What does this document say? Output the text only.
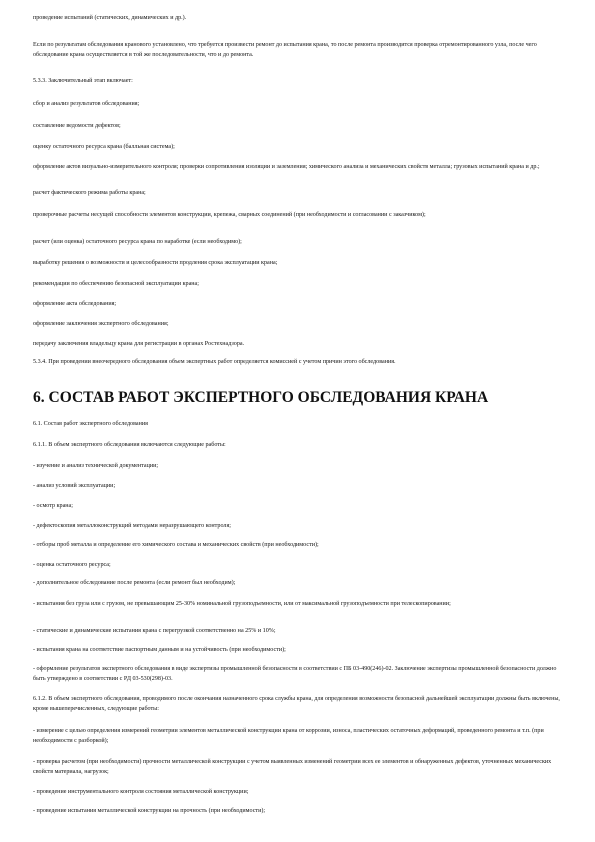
проведение испытаний (статических, динамических и др.).

Если по результатам обследования кранового установлено, что требуется произвести ремонт до испытания крана, то после ремонта производится проверка отремонтированного узла, после чего обследование крана осуществляется в той же последовательности, что и до ремонта.

5.3.3. Заключительный этап включает:

сбор и анализ результатов обследования;

составление ведомости дефектов;

оценку остаточного ресурса крана (балльная система);

оформление актов визуально-измерительного контроля; проверки сопротивления изоляции и заземления; химического анализа и механических свойств металла; грузовых испытаний крана и др.;

расчет фактического режима работы крана;

проверочные расчеты несущей способности элементов конструкции, крепежа, сварных соединений (при необходимости и согласовании с заказчиком);

расчет (или оценка) остаточного ресурса крана по наработке (если необходимо);

выработку решения о возможности и целесообразности продления срока эксплуатации крана;

рекомендации по обеспечению безопасной эксплуатации крана;

оформление акта обследования;

оформление заключения экспертного обследования;

передачу заключения владельцу крана для регистрации в органах Ростехнадзора.

5.3.4. При проведении внеочередного обследования объем экспертных работ определяется комиссией с учетом причин этого обследования.

6. СОСТАВ РАБОТ ЭКСПЕРТНОГО ОБСЛЕДОВАНИЯ КРАНА

6.1. Состав работ экспертного обследования

6.1.1. В объем экспертного обследования включаются следующие работы:

- изучение и анализ технической документации;

- анализ условий эксплуатации;

- осмотр крана;

- дефектоскопия металлоконструкций методами неразрушающего контроля;

- отборы проб металла и определение его химического состава и механических свойств (при необходимости);

- оценка остаточного ресурса;

- дополнительное обследование после ремонта (если ремонт был необходим);

- испытания без груза или с грузом, не превышающим 25-30% номинальной грузоподъемности, или от максимальной грузоподъемности при телескопировании;

- статические и динамические испытания крана с перегрузкой соответственно на 25% и 10%;

- испытания крана на соответствие паспортным данным и на устойчивость (при необходимости);

- оформление результатов экспертного обследования в виде экспертизы промышленной безопасности в соответствии с ПБ 03-490(246)-02. Заключение экспертизы промышленной безопасности должно быть утверждено в соответствии с РД 03-530(298)-03.

6.1.2. В объем экспертного обследования, проводимого после окончания назначенного срока службы крана, для определения возможности безопасной дальнейшей эксплуатации должны быть включены, кроме вышеперечисленных, следующие работы:

- измерение с целью определения измерений геометрии элементов металлической конструкции крана от коррозии, износа, пластических остаточных деформаций, проведенного ремонта и т.п. (при необходимости с разборкой);

- проверка расчетом (при необходимости) прочности металлической конструкции с учетом выявленных изменений геометрии всех ее элементов и обнаруженных дефектов, уточненных механических свойств материала, нагрузок;

- проведение инструментального контроля состояния металлической конструкции;

- проведение испытания металлической конструкции на прочность (при необходимости);
